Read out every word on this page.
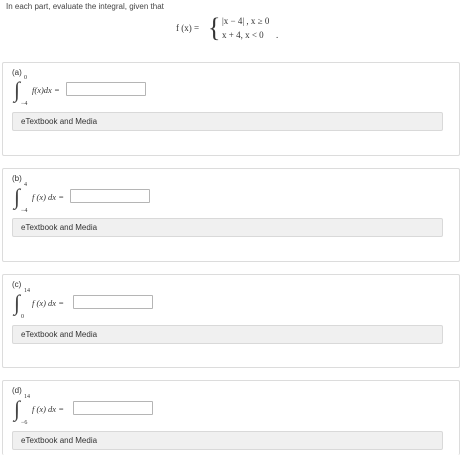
In each part, evaluate the integral, given that
f (x) = { |x − 4| , x ≥ 0
x + 4, x < 0 .
(a)
∫ 0
−4
f(x)dx =
eTextbook and Media
(b)
∫ 4
−4
f (x) dx =
eTextbook and Media
(c)
∫ 14
0
f (x) dx =
eTextbook and Media
(d)
∫ 14
−6
f (x) dx =
eTextbook and Media
